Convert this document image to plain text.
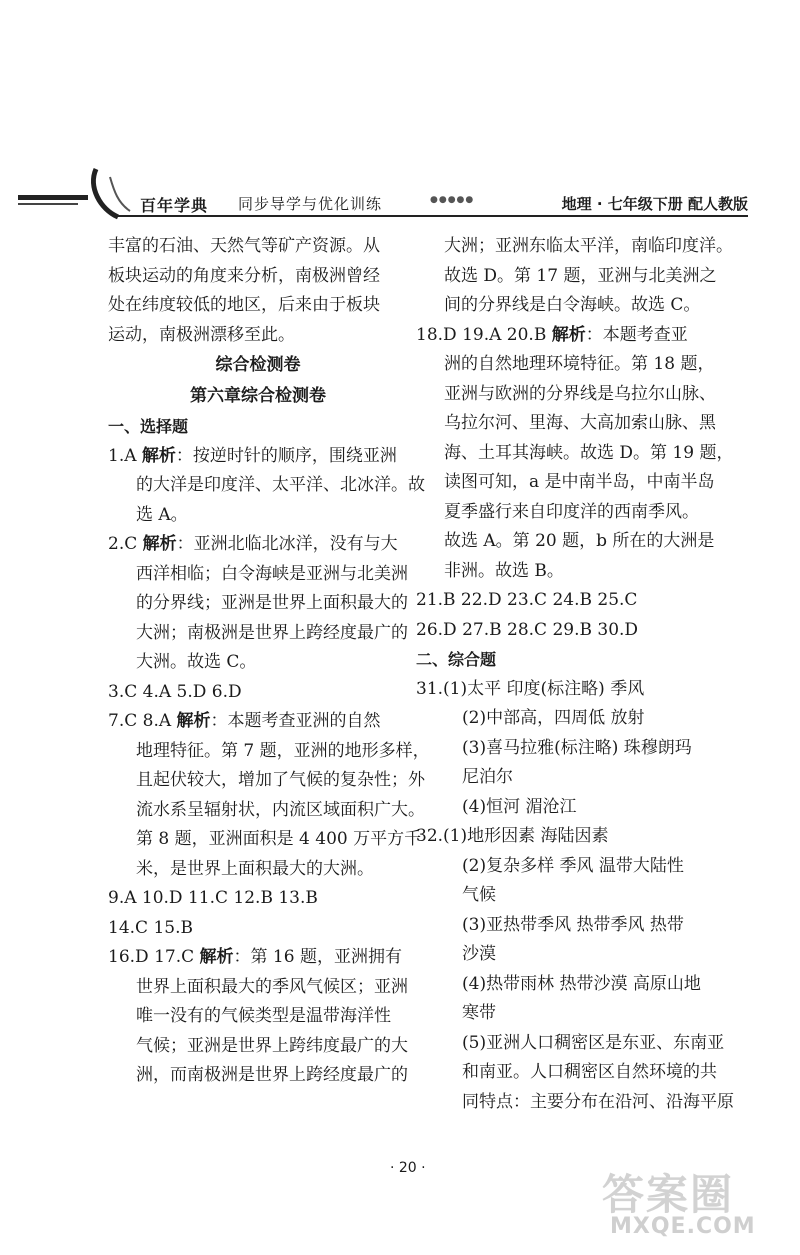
百年学典 同步导学与优化训练	●●●●●	地理 · 七年级下册 配人教版
丰富的石油、天然气等矿产资源。从
板块运动的角度来分析，南极洲曾经
处在纬度较低的地区，后来由于板块
运动，南极洲漂移至此。
综合检测卷
第六章综合检测卷
一、选择题
1.A 解析：按逆时针的顺序，围绕亚洲
的大洋是印度洋、太平洋、北冰洋。故
选 A。
2.C 解析：亚洲北临北冰洋，没有与大
西洋相临；白令海峡是亚洲与北美洲
的分界线；亚洲是世界上面积最大的
大洲；南极洲是世界上跨经度最广的
大洲。故选 C。
3.C 4.A 5.D 6.D
7.C 8.A 解析：本题考查亚洲的自然
地理特征。第 7 题，亚洲的地形多样，
且起伏较大，增加了气候的复杂性；外
流水系呈辐射状，内流区域面积广大。
第 8 题，亚洲面积是 4 400 万平方千
米，是世界上面积最大的大洲。
9.A 10.D 11.C 12.B 13.B
14.C 15.B
16.D 17.C 解析：第 16 题，亚洲拥有
世界上面积最大的季风气候区；亚洲
唯一没有的气候类型是温带海洋性
气候；亚洲是世界上跨纬度最广的大
洲，而南极洲是世界上跨经度最广的
大洲；亚洲东临太平洋，南临印度洋。
故选 D。第 17 题，亚洲与北美洲之
间的分界线是白令海峡。故选 C。
18.D 19.A 20.B 解析：本题考查亚
洲的自然地理环境特征。第 18 题，
亚洲与欧洲的分界线是乌拉尔山脉、
乌拉尔河、里海、大高加索山脉、黑
海、土耳其海峡。故选 D。第 19 题，
读图可知，a 是中南半岛，中南半岛
夏季盛行来自印度洋的西南季风。
故选 A。第 20 题，b 所在的大洲是
非洲。故选 B。
21.B 22.D 23.C 24.B 25.C
26.D 27.B 28.C 29.B 30.D
二、综合题
31.(1)太平 印度(标注略) 季风
(2)中部高，四周低 放射
(3)喜马拉雅(标注略) 珠穆朗玛
尼泊尔
(4)恒河 湄沧江
32.(1)地形因素 海陆因素
(2)复杂多样 季风 温带大陆性
气候
(3)亚热带季风 热带季风 热带
沙漠
(4)热带雨林 热带沙漠 高原山地
寒带
(5)亚洲人口稠密区是东亚、东南亚
和南亚。人口稠密区自然环境的共
同特点：主要分布在沿河、沿海平原
· 20 ·
答案圈
MXQE.COM
